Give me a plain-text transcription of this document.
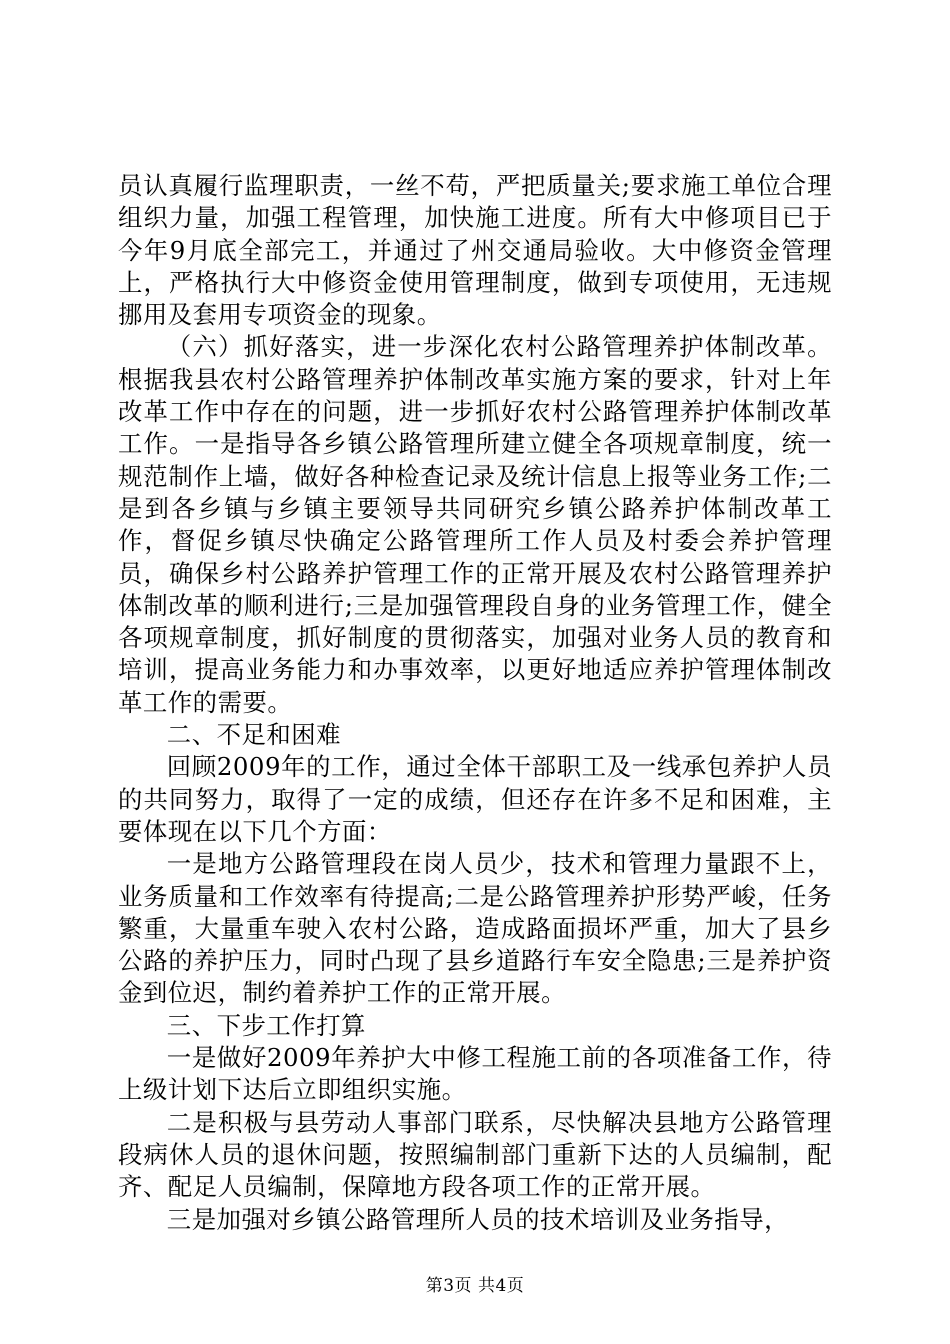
员认真履行监理职责，一丝不苟，严把质量关;要求施工单位合理组织力量，加强工程管理，加快施工进度。所有大中修项目已于今年9月底全部完工，并通过了州交通局验收。大中修资金管理上，严格执行大中修资金使用管理制度，做到专项使用，无违规挪用及套用专项资金的现象。

（六）抓好落实，进一步深化农村公路管理养护体制改革。根据我县农村公路管理养护体制改革实施方案的要求，针对上年改革工作中存在的问题，进一步抓好农村公路管理养护体制改革工作。一是指导各乡镇公路管理所建立健全各项规章制度，统一规范制作上墙，做好各种检查记录及统计信息上报等业务工作;二是到各乡镇与乡镇主要领导共同研究乡镇公路养护体制改革工作，督促乡镇尽快确定公路管理所工作人员及村委会养护管理员，确保乡村公路养护管理工作的正常开展及农村公路管理养护体制改革的顺利进行;三是加强管理段自身的业务管理工作，健全各项规章制度，抓好制度的贯彻落实，加强对业务人员的教育和培训，提高业务能力和办事效率，以更好地适应养护管理体制改革工作的需要。

二、不足和困难

回顾2009年的工作，通过全体干部职工及一线承包养护人员的共同努力，取得了一定的成绩，但还存在许多不足和困难，主要体现在以下几个方面：

一是地方公路管理段在岗人员少，技术和管理力量跟不上，业务质量和工作效率有待提高;二是公路管理养护形势严峻，任务繁重，大量重车驶入农村公路，造成路面损坏严重，加大了县乡公路的养护压力，同时凸现了县乡道路行车安全隐患;三是养护资金到位迟，制约着养护工作的正常开展。

三、下步工作打算

一是做好2009年养护大中修工程施工前的各项准备工作，待上级计划下达后立即组织实施。

二是积极与县劳动人事部门联系，尽快解决县地方公路管理段病休人员的退休问题，按照编制部门重新下达的人员编制，配齐、配足人员编制，保障地方段各项工作的正常开展。

三是加强对乡镇公路管理所人员的技术培训及业务指导，

第3页 共4页
